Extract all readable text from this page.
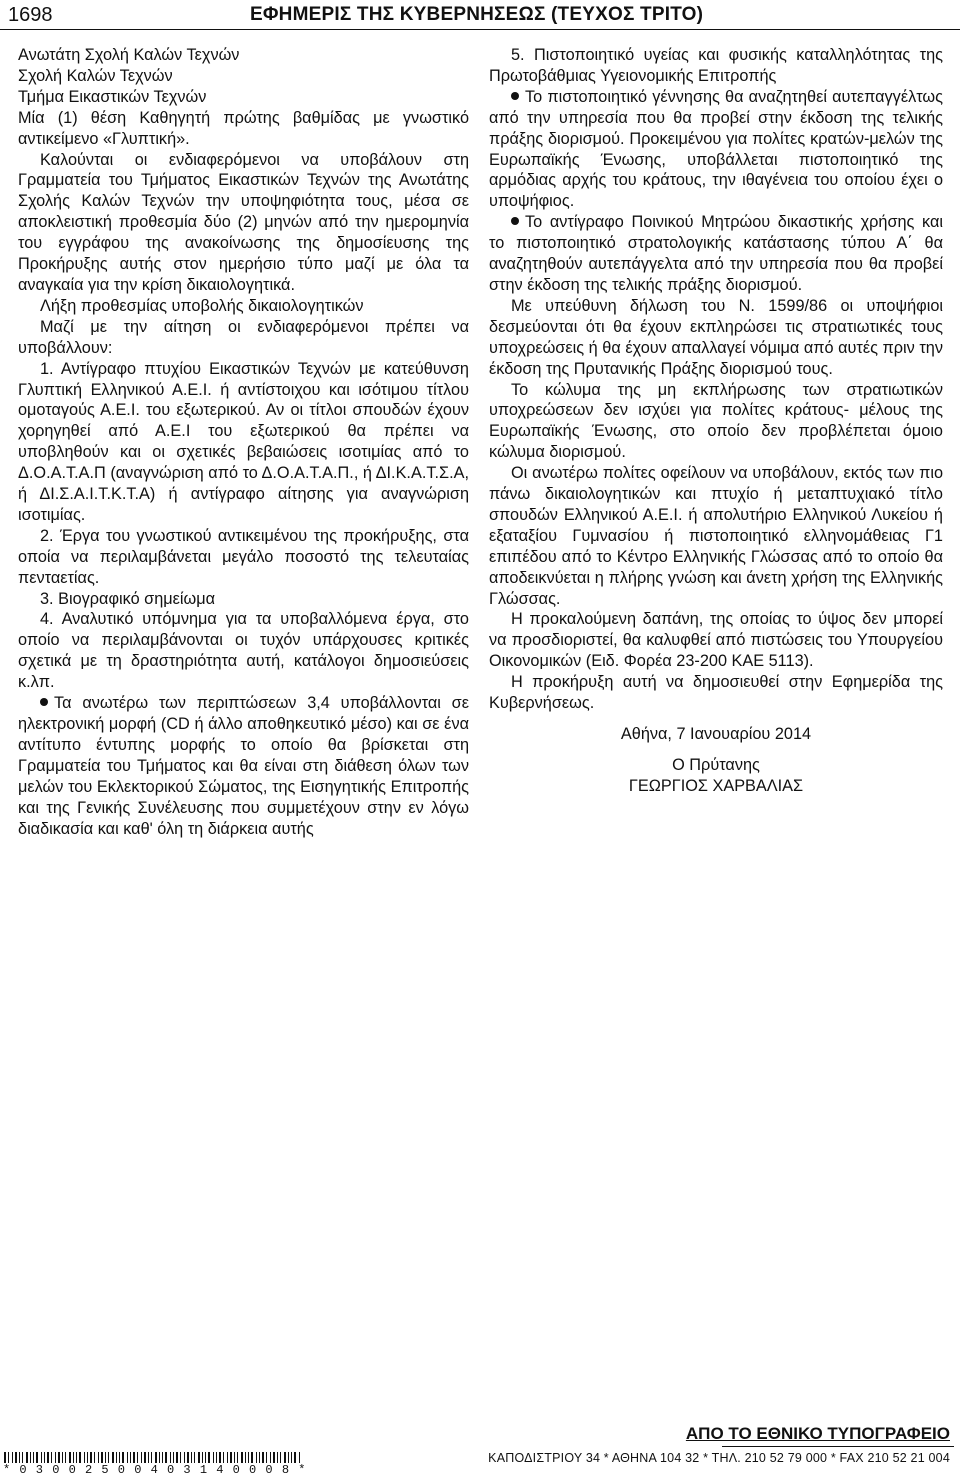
1698	ΕΦΗΜΕΡΙΣ ΤΗΣ ΚΥΒΕΡΝΗΣΕΩΣ (ΤΕΥΧΟΣ ΤΡΙΤΟ)

Ανωτάτη Σχολή Καλών Τεχνών

Σχολή Καλών Τεχνών

Τμήμα Εικαστικών Τεχνών

Μία (1) θέση Καθηγητή πρώτης βαθμίδας με γνωστικό αντικείμενο «Γλυπτική».

Καλούνται οι ενδιαφερόμενοι να υποβάλουν στη Γραμματεία του Τμήματος Εικαστικών Τεχνών της Ανωτάτης Σχολής Καλών Τεχνών την υποψηφιότητα τους, μέσα σε αποκλειστική προθεσμία δύο (2) μηνών από την ημερομηνία του εγγράφου της ανακοίνωσης της δημοσίευσης της Προκήρυξης αυτής στον ημερήσιο τύπο μαζί με όλα τα αναγκαία για την κρίση δικαιολογητικά.

Λήξη προθεσμίας υποβολής δικαιολογητικών

Μαζί με την αίτηση οι ενδιαφερόμενοι πρέπει να υποβάλλουν:

1. Αντίγραφο πτυχίου Εικαστικών Τεχνών με κατεύθυνση Γλυπτική Ελληνικού Α.Ε.Ι. ή αντίστοιχου και ισότιμου τίτλου ομοταγούς Α.Ε.Ι. του εξωτερικού. Αν οι τίτλοι σπουδών έχουν χορηγηθεί από Α.Ε.Ι του εξωτερικού θα πρέπει να υποβληθούν και οι σχετικές βεβαιώσεις ισοτιμίας από το Δ.Ο.Α.Τ.Α.Π (αναγνώριση από το Δ.Ο.Α.Τ.Α.Π., ή ΔΙ.Κ.Α.Τ.Σ.Α, ή ΔΙ.Σ.Α.Ι.Τ.Κ.Τ.Α) ή αντίγραφο αίτησης για αναγνώριση ισοτιμίας.

2. Έργα του γνωστικού αντικειμένου της προκήρυξης, στα οποία να περιλαμβάνεται μεγάλο ποσοστό της τελευταίας πενταετίας.

3. Βιογραφικό σημείωμα

4. Αναλυτικό υπόμνημα για τα υποβαλλόμενα έργα, στο οποίο να περιλαμβάνονται οι τυχόν υπάρχουσες κριτικές σχετικά με τη δραστηριότητα αυτή, κατάλογοι δημοσιεύσεις κ.λπ.

Τα ανωτέρω των περιπτώσεων 3,4 υποβάλλονται σε ηλεκτρονική μορφή (CD ή άλλο αποθηκευτικό μέσο) και σε ένα αντίτυπο έντυπης μορφής το οποίο θα βρίσκεται στη Γραμματεία του Τμήματος και θα είναι στη διάθεση όλων των μελών του Εκλεκτορικού Σώματος, της Εισηγητικής Επιτροπής και της Γενικής Συνέλευσης που συμμετέχουν στην εν λόγω διαδικασία και καθ' όλη τη διάρκεια αυτής

5. Πιστοποιητικό υγείας και φυσικής καταλληλότητας της Πρωτοβάθμιας Υγειονομικής Επιτροπής

Το πιστοποιητικό γέννησης θα αναζητηθεί αυτεπαγγέλτως από την υπηρεσία που θα προβεί στην έκδοση της τελικής πράξης διορισμού. Προκειμένου για πολίτες κρατών-μελών της Ευρωπαϊκής Ένωσης, υποβάλλεται πιστοποιητικό της αρμόδιας αρχής του κράτους, την ιθαγένεια του οποίου έχει ο υποψήφιος.

Το αντίγραφο Ποινικού Μητρώου δικαστικής χρήσης και το πιστοποιητικό στρατολογικής κατάστασης τύπου Α΄ θα αναζητηθούν αυτεπάγγελτα από την υπηρεσία που θα προβεί στην έκδοση της τελικής πράξης διορισμού.

Με υπεύθυνη δήλωση του Ν. 1599/86 οι υποψήφιοι δεσμεύονται ότι θα έχουν εκπληρώσει τις στρατιωτικές τους υποχρεώσεις ή θα έχουν απαλλαγεί νόμιμα από αυτές πριν την έκδοση της Πρυτανικής Πράξης διορισμού τους.

Το κώλυμα της μη εκπλήρωσης των στρατιωτικών υποχρεώσεων δεν ισχύει για πολίτες κράτους- μέλους της Ευρωπαϊκής Ένωσης, στο οποίο δεν προβλέπεται όμοιο κώλυμα διορισμού.

Οι ανωτέρω πολίτες οφείλουν να υποβάλουν, εκτός των πιο πάνω δικαιολογητικών και πτυχίο ή μεταπτυχιακό τίτλο σπουδών Ελληνικού Α.Ε.Ι. ή απολυτήριο Ελληνικού Λυκείου ή εξαταξίου Γυμνασίου ή πιστοποιητικό ελληνομάθειας Γ1 επιπέδου από το Κέντρο Ελληνικής Γλώσσας από το οποίο θα αποδεικνύεται η πλήρης γνώση και άνετη χρήση της Ελληνικής Γλώσσας.

Η προκαλούμενη δαπάνη, της οποίας το ύψος δεν μπορεί να προσδιοριστεί, θα καλυφθεί από πιστώσεις του Υπουργείου Οικονομικών (Ειδ. Φορέα 23-200 ΚΑΕ 5113).

Η προκήρυξη αυτή να δημοσιευθεί στην Εφημερίδα της Κυβερνήσεως.

Αθήνα, 7 Ιανουαρίου 2014

Ο Πρύτανης

ΓΕΩΡΓΙΟΣ ΧΑΡΒΑΛΙΑΣ

ΑΠΟ ΤΟ ΕΘΝΙΚΟ ΤΥΠΟΓΡΑΦΕΙΟ
ΚΑΠΟΔΙΣΤΡΙΟΥ 34 * ΑΘΗΝΑ 104 32 * ΤΗΛ. 210 52 79 000 * FAX 210 52 21 004
*03002500403140008*
